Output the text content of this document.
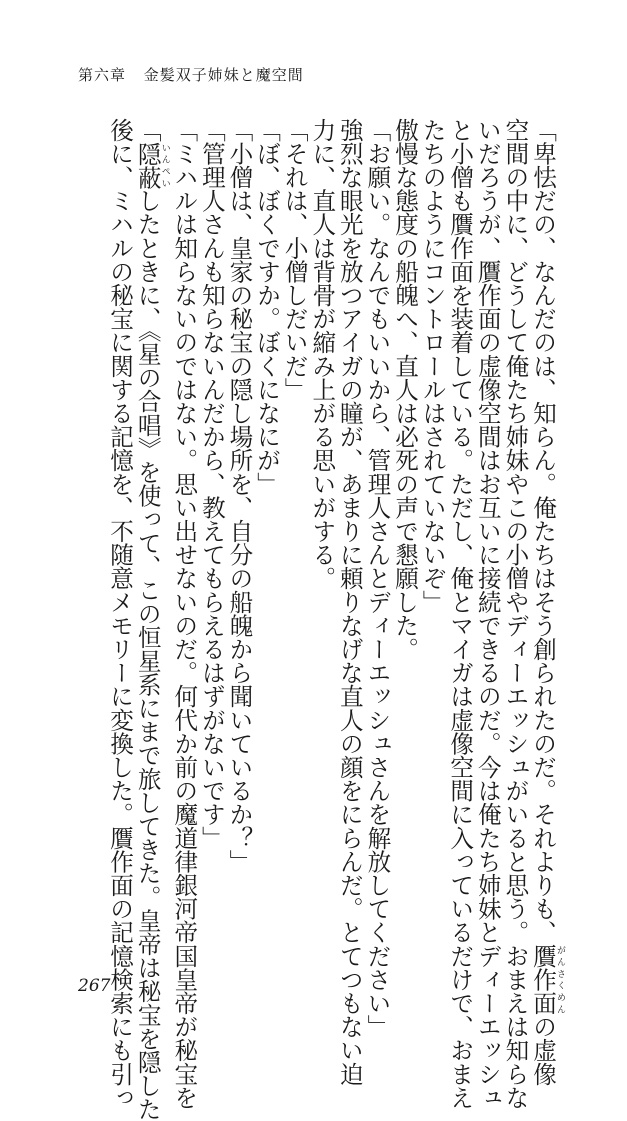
第六章 金髪双子姉妹と魔空間

「卑怯だの、なんだのは、知らん。俺たちはそう創られたのだ。それよりも、贋作面がんさくめんの虚像

空間の中に、どうして俺たち姉妹やこの小僧やディーエッシュがいると思う。おまえは知らな

いだろうが、贋作面の虚像空間はお互いに接続できるのだ。今は俺たち姉妹とディーエッシュ

と小僧も贋作面を装着している。ただし、俺とマイガは虚像空間に入っているだけで、おまえ

たちのようにコントロールはされていないぞ」

傲慢な態度の船魄へ、直人は必死の声で懇願した。

「お願い。なんでもいいから、管理人さんとディーエッシュさんを解放してください」

強烈な眼光を放つアイガの瞳が、あまりに頼りなげな直人の顔をにらんだ。とてつもない迫

力に、直人は背骨が縮み上がる思いがする。

「それは、小僧しだいだ」

「ぼ、ぼくですか。ぼくになにが」

「小僧は、皇家の秘宝の隠し場所を、自分の船魄から聞いているか？」

「管理人さんも知らないんだから、教えてもらえるはずがないです」

「ミハルは知らないのではない。思い出せないのだ。何代か前の魔道律銀河帝国皇帝が秘宝を

「隠蔽いんぺいしたときに、《星の合唱》を使って、この恒星系にまで旅してきた。皇帝は秘宝を隠した

後に、ミハルの秘宝に関する記憶を、不随意メモリーに変換した。贋作面の記憶検索にも引っ

267
